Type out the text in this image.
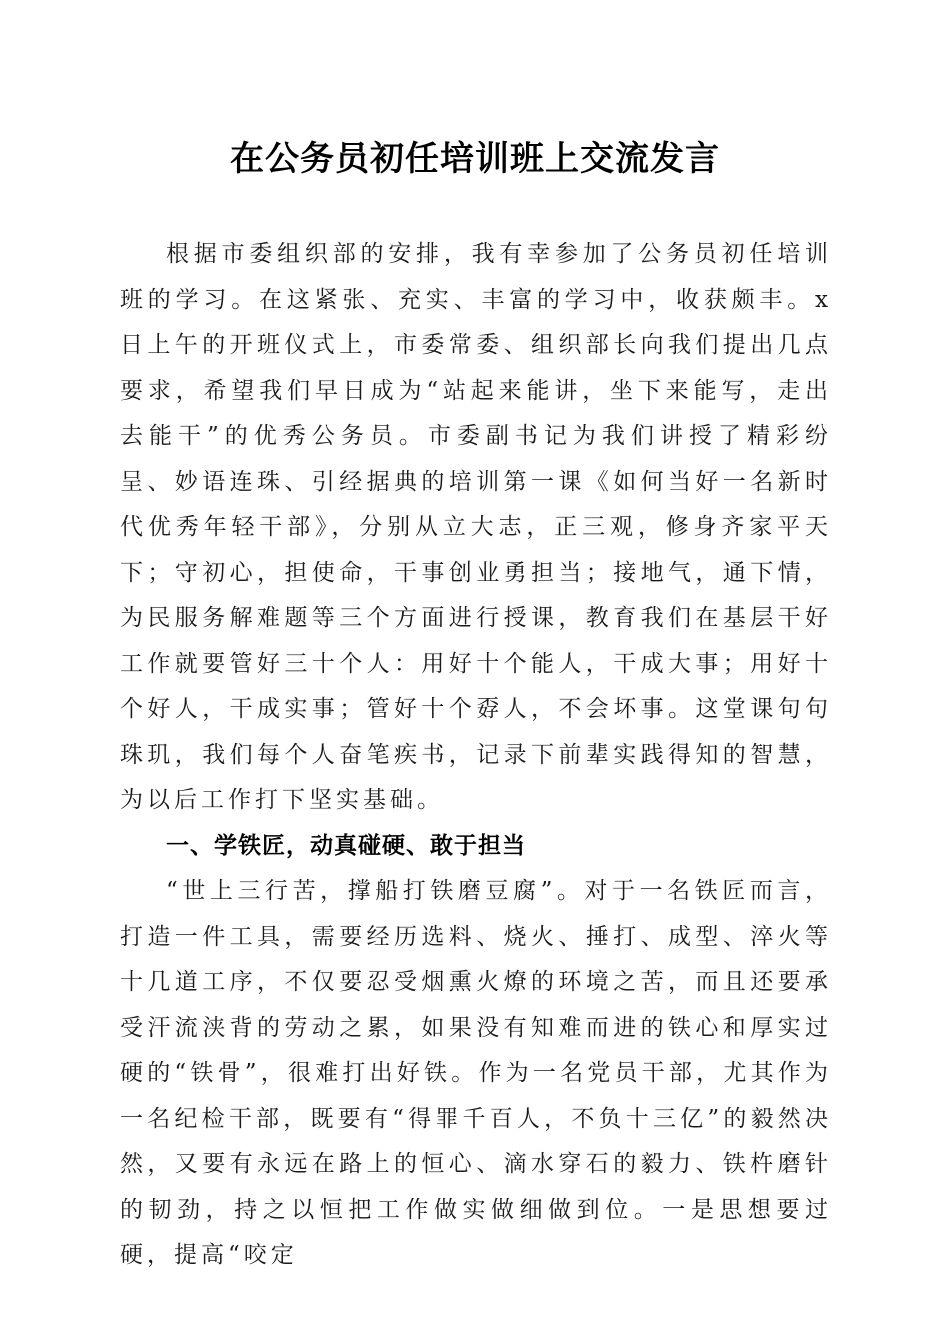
在公务员初任培训班上交流发言

根据市委组织部的安排，我有幸参加了公务员初任培训班的学习。在这紧张、充实、丰富的学习中，收获颇丰。x日上午的开班仪式上，市委常委、组织部长向我们提出几点要求，希望我们早日成为“站起来能讲，坐下来能写，走出去能干”的优秀公务员。市委副书记为我们讲授了精彩纷呈、妙语连珠、引经据典的培训第一课《如何当好一名新时代优秀年轻干部》，分别从立大志，正三观，修身齐家平天下；守初心，担使命，干事创业勇担当；接地气，通下情，为民服务解难题等三个方面进行授课，教育我们在基层干好工作就要管好三十个人：用好十个能人，干成大事；用好十个好人，干成实事；管好十个孬人，不会坏事。这堂课句句珠玑，我们每个人奋笔疾书，记录下前辈实践得知的智慧，为以后工作打下坚实基础。

一、学铁匠，动真碰硬、敢于担当

“世上三行苦，撑船打铁磨豆腐”。对于一名铁匠而言，打造一件工具，需要经历选料、烧火、捶打、成型、淬火等十几道工序，不仅要忍受烟熏火燎的环境之苦，而且还要承受汗流浃背的劳动之累，如果没有知难而进的铁心和厚实过硬的“铁骨”，很难打出好铁。作为一名党员干部，尤其作为一名纪检干部，既要有“得罪千百人，不负十三亿”的毅然决然，又要有永远在路上的恒心、滴水穿石的毅力、铁杵磨针的韧劲，持之以恒把工作做实做细做到位。一是思想要过硬，提高“咬定
